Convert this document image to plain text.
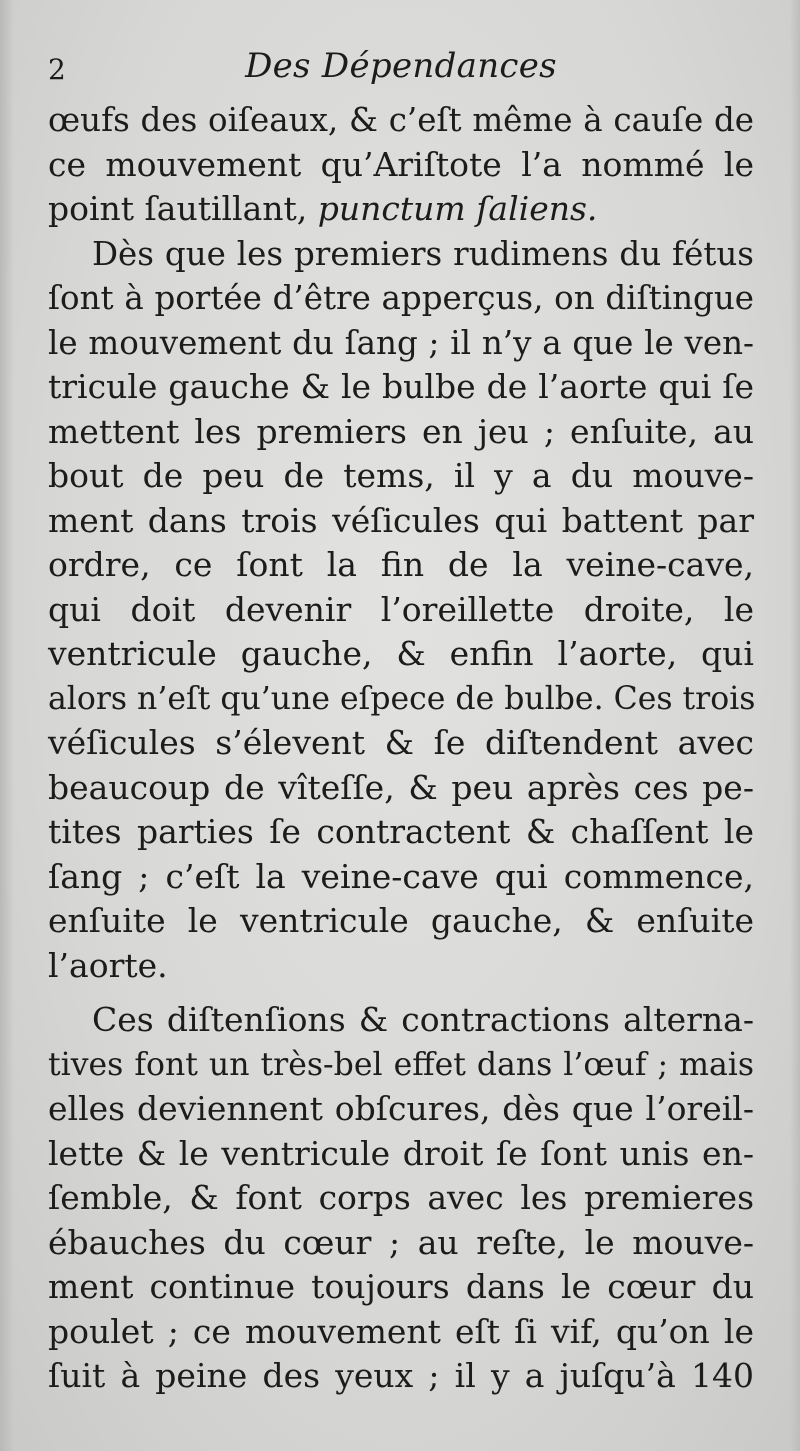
2	Des Dépendances

œufs des oiſeaux, & c’eſt même à cauſe de
ce mouvement qu’Ariſtote l’a nommé le
point ſautillant, punctum ſaliens.

Dès que les premiers rudimens du fétus
ſont à portée d’être apperçus, on diſtingue
le mouvement du ſang ; il n’y a que le ven-
tricule gauche & le bulbe de l’aorte qui ſe
mettent les premiers en jeu ; enſuite, au
bout de peu de tems, il y a du mouve-
ment dans trois véſicules qui battent par
ordre, ce ſont la fin de la veine-cave,
qui doit devenir l’oreillette droite, le
ventricule gauche, & enfin l’aorte, qui
alors n’eſt qu’une eſpece de bulbe. Ces trois
véſicules s’élevent & ſe diſtendent avec
beaucoup de vîteſſe, & peu après ces pe-
tites parties ſe contractent & chaſſent le
ſang ; c’eſt la veine-cave qui commence,
enſuite le ventricule gauche, & enſuite
l’aorte.

Ces diſtenſions & contractions alterna-
tives font un très-bel effet dans l’œuf ; mais
elles deviennent obſcures, dès que l’oreil-
lette & le ventricule droit ſe ſont unis en-
ſemble, & font corps avec les premieres
ébauches du cœur ; au reſte, le mouve-
ment continue toujours dans le cœur du
poulet ; ce mouvement eſt ſi vif, qu’on le
ſuit à peine des yeux ; il y a juſqu’à 140
